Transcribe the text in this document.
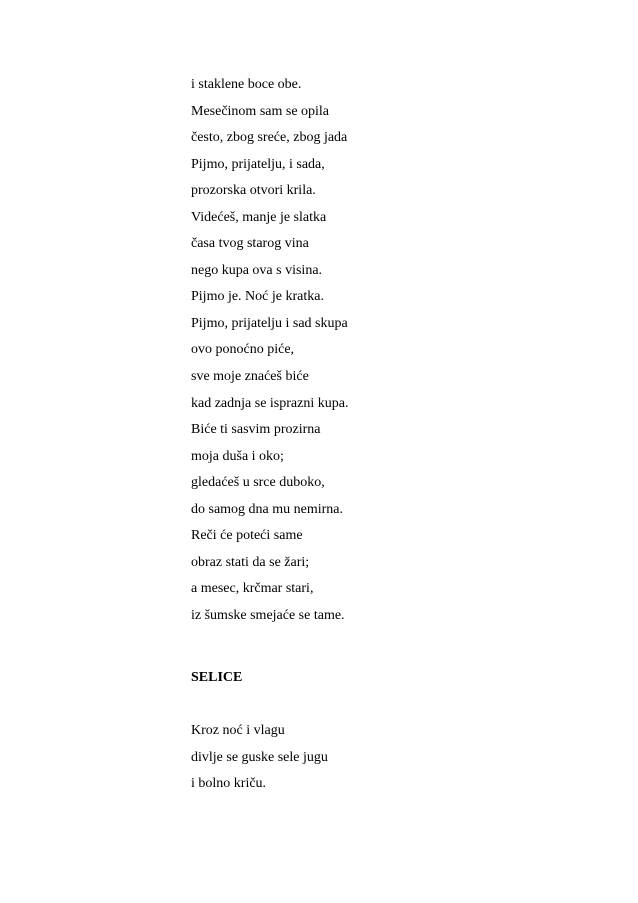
i staklene boce obe.
Mesečinom sam se opila
često, zbog sreće, zbog jada
Pijmo, prijatelju, i sada,
prozorska otvori krila.
Videćeš, manje je slatka
časa tvog starog vina
nego kupa ova s visina.
Pijmo je. Noć je kratka.
Pijmo, prijatelju i sad skupa
ovo ponoćno piće,
sve moje znaćeš biće
kad zadnja se isprazni kupa.
Biće ti sasvim prozirna
moja duša i oko;
gledaćeš u srce duboko,
do samog dna mu nemirna.
Reči će poteći same
obraz stati da se žari;
a mesec, krčmar stari,
iz šumske smejaće se tame.
SELICE
Kroz noć i vlagu
divlje se guske sele jugu
i bolno kriču.
